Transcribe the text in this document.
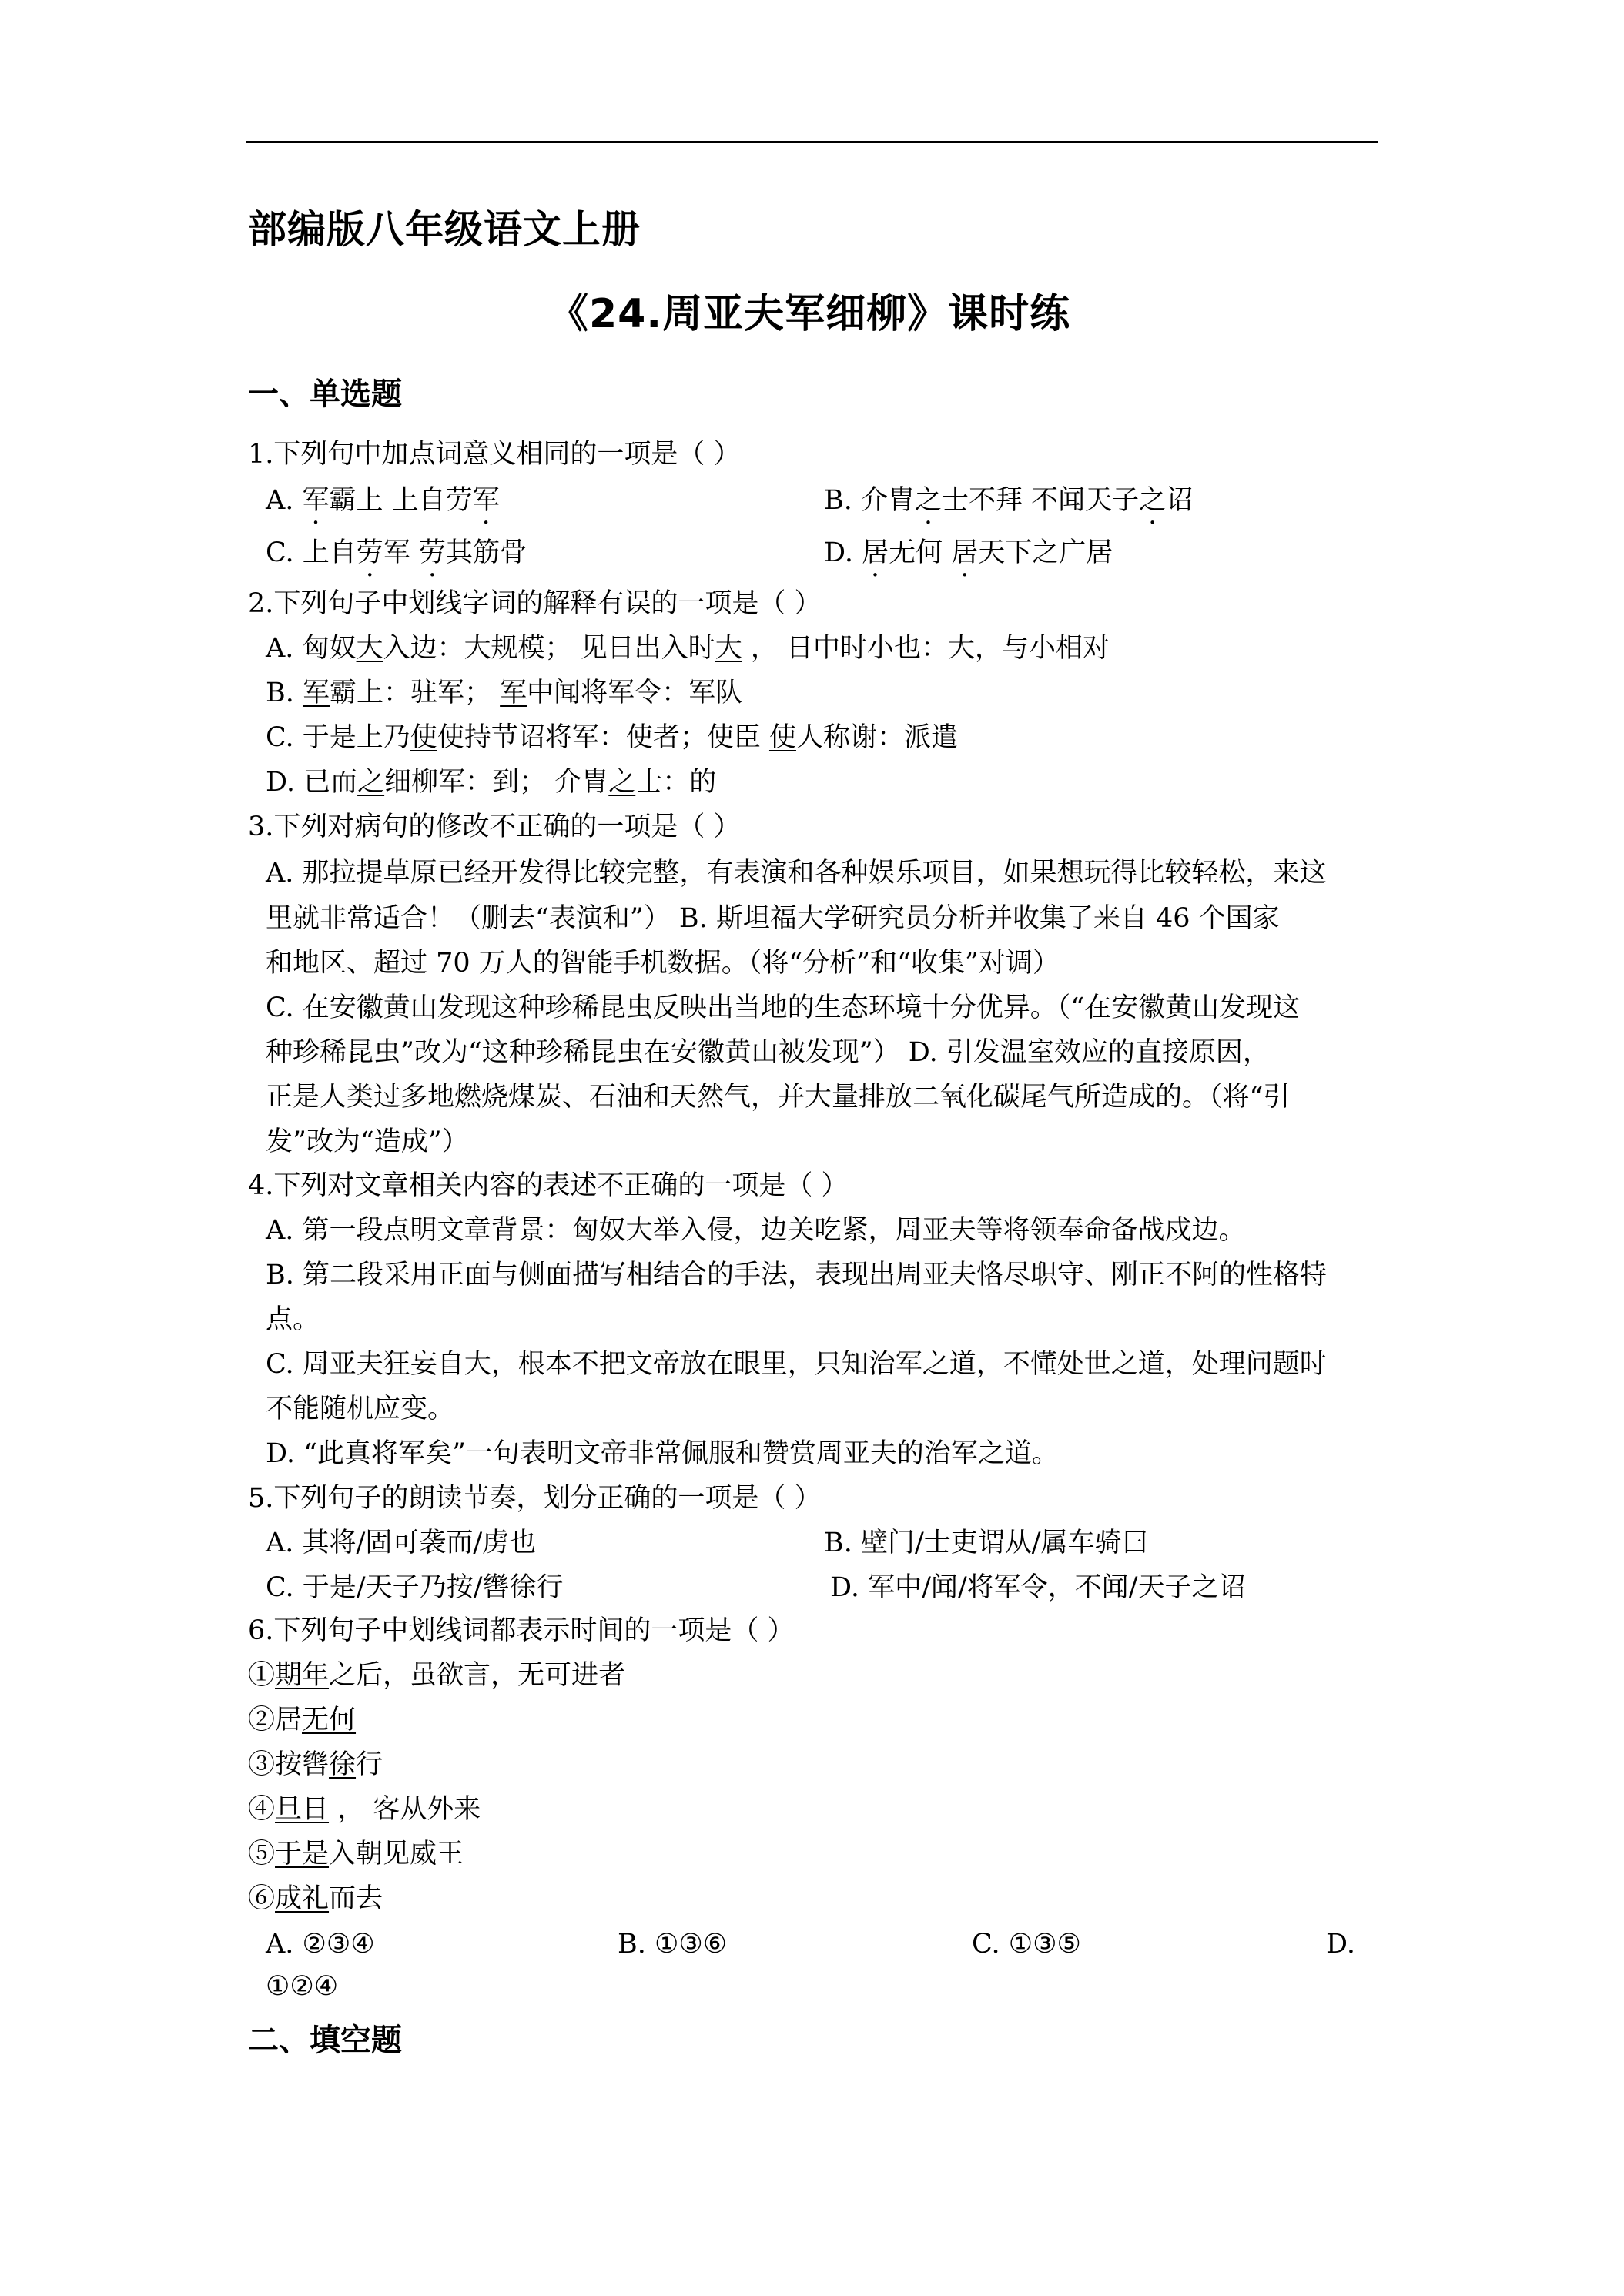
部编版八年级语文上册
《24.周亚夫军细柳》课时练
一、单选题
1.下列句中加点词意义相同的一项是（ ）
A. 军霸上 上自劳军	B. 介胄之士不拜 不闻天子之诏
C. 上自劳军 劳其筋骨	D. 居无何 居天下之广居
2.下列句子中划线字词的解释有误的一项是（ ）
A. 匈奴大入边：大规模； 见日出入时大 ， 日中时小也：大，与小相对
B. 军霸上：驻军； 军中闻将军令：军队
C. 于是上乃使使持节诏将军：使者；使臣 使人称谢：派遣
D. 已而之细柳军：到； 介胄之士：的
3.下列对病句的修改不正确的一项是（ ）
A. 那拉提草原已经开发得比较完整，有表演和各种娱乐项目，如果想玩得比较轻松，来这
里就非常适合！（删去“表演和”） B. 斯坦福大学研究员分析并收集了来自 46 个国家
和地区、超过 70 万人的智能手机数据。（将“分析”和“收集”对调）
C. 在安徽黄山发现这种珍稀昆虫反映出当地的生态环境十分优异。（“在安徽黄山发现这
种珍稀昆虫”改为“这种珍稀昆虫在安徽黄山被发现”） D. 引发温室效应的直接原因，
正是人类过多地燃烧煤炭、石油和天然气，并大量排放二氧化碳尾气所造成的。（将“引
发”改为“造成”）
4.下列对文章相关内容的表述不正确的一项是（ ）
A. 第一段点明文章背景：匈奴大举入侵，边关吃紧，周亚夫等将领奉命备战戍边。
B. 第二段采用正面与侧面描写相结合的手法，表现出周亚夫恪尽职守、刚正不阿的性格特
点。
C. 周亚夫狂妄自大，根本不把文帝放在眼里，只知治军之道，不懂处世之道，处理问题时
不能随机应变。
D. “此真将军矣”一句表明文帝非常佩服和赞赏周亚夫的治军之道。
5.下列句子的朗读节奏，划分正确的一项是（ ）
A. 其将/固可袭而/虏也	B. 壁门/士吏谓从/属车骑曰
C. 于是/天子乃按/辔徐行	D. 军中/闻/将军令，不闻/天子之诏
6.下列句子中划线词都表示时间的一项是（ ）
①期年之后，虽欲言，无可进者
②居无何
③按辔徐行
④旦日 ， 客从外来
⑤于是入朝见威王
⑥成礼而去
A. ②③④	B. ①③⑥	C. ①③⑤	D.
①②④
二、填空题
